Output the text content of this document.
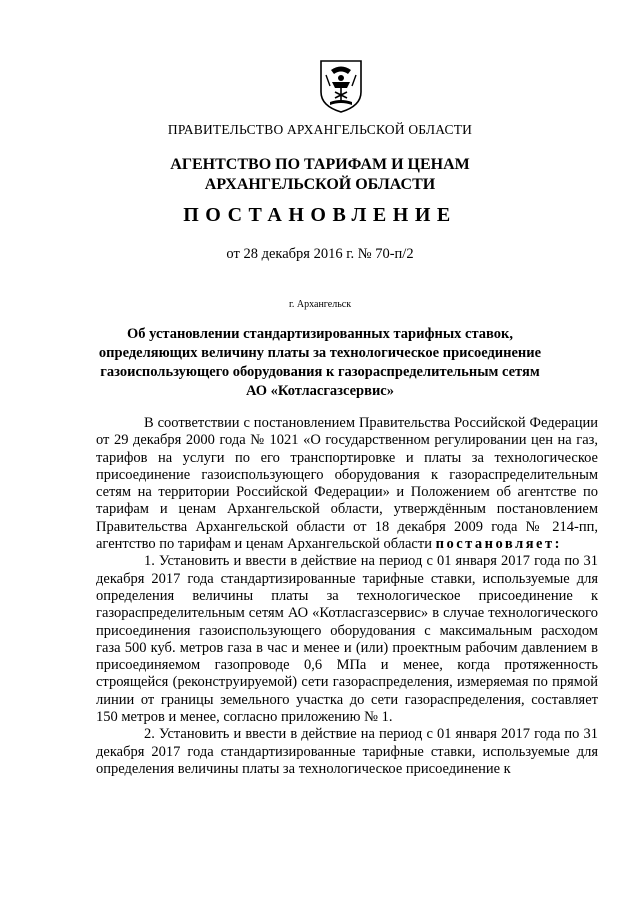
ПРАВИТЕЛЬСТВО АРХАНГЕЛЬСКОЙ ОБЛАСТИ
АГЕНТСТВО ПО ТАРИФАМ И ЦЕНАМ
АРХАНГЕЛЬСКОЙ ОБЛАСТИ
ПОСТАНОВЛЕНИЕ
от 28 декабря 2016 г. № 70-п/2
г. Архангельск
Об установлении стандартизированных тарифных ставок,
определяющих величину платы за технологическое присоединение
газоиспользующего оборудования к газораспределительным сетям
АО «Котласгазсервис»

В соответствии с постановлением Правительства Российской Федерации от 29 декабря 2000 года № 1021 «О государственном регулировании цен на газ, тарифов на услуги по его транспортировке и платы за технологическое присоединение газоиспользующего оборудования к газораспределительным сетям на территории Российской Федерации» и Положением об агентстве по тарифам и ценам Архангельской области, утверждённым постановлением Правительства Архангельской области от 18 декабря 2009 года № 214-пп, агентство по тарифам и ценам Архангельской области постановляет:

1. Установить и ввести в действие на период с 01 января 2017 года по 31 декабря 2017 года стандартизированные тарифные ставки, используемые для определения величины платы за технологическое присоединение к газораспределительным сетям АО «Котласгазсервис» в случае технологического присоединения газоиспользующего оборудования с максимальным расходом газа 500 куб. метров газа в час и менее и (или) проектным рабочим давлением в присоединяемом газопроводе 0,6 МПа и менее, когда протяженность строящейся (реконструируемой) сети газораспределения, измеряемая по прямой линии от границы земельного участка до сети газораспределения, составляет 150 метров и менее, согласно приложению № 1.

2. Установить и ввести в действие на период с 01 января 2017 года по 31 декабря 2017 года стандартизированные тарифные ставки, используемые для определения величины платы за технологическое присоединение к
